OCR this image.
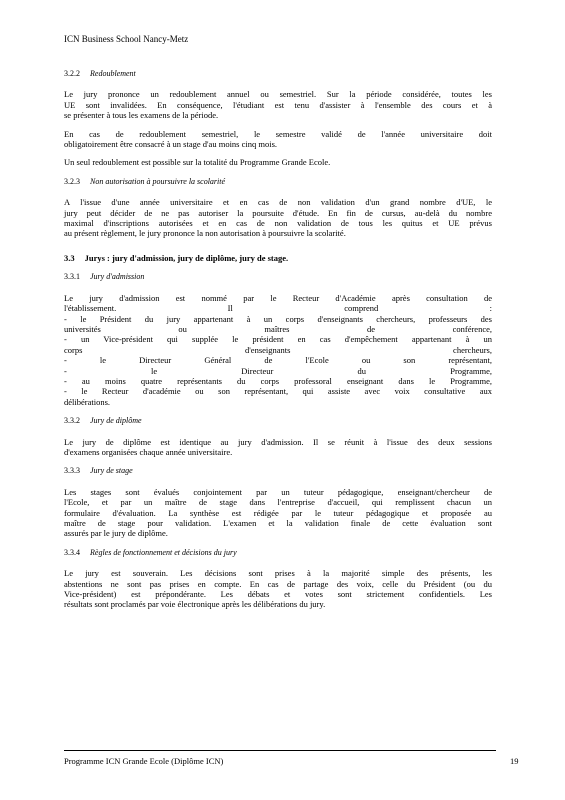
ICN Business School Nancy-Metz
3.2.2 Redoublement

Le jury prononce un redoublement annuel ou semestriel. Sur la période considérée, toutes les
UE sont invalidées. En conséquence, l'étudiant est tenu d'assister à l'ensemble des cours et à
se présenter à tous les examens de la période.

En cas de redoublement semestriel, le semestre validé de l'année universitaire doit
obligatoirement être consacré à un stage d'au moins cinq mois.

Un seul redoublement est possible sur la totalité du Programme Grande Ecole.

3.2.3 Non autorisation à poursuivre la scolarité

A l'issue d'une année universitaire et en cas de non validation d'un grand nombre d'UE, le
jury peut décider de ne pas autoriser la poursuite d'étude. En fin de cursus, au-delà du nombre
maximal d'inscriptions autorisées et en cas de non validation de tous les quitus et UE prévus
au présent règlement, le jury prononce la non autorisation à poursuivre la scolarité.

3.3 Jurys : jury d'admission, jury de diplôme, jury de stage.
3.3.1 Jury d'admission

Le jury d'admission est nommé par le Recteur d'Académie après consultation de
l'établissement. Il comprend :
- le Président du jury appartenant à un corps d'enseignants chercheurs, professeurs des
universités ou maîtres de conférence,
- un Vice-président qui supplée le président en cas d'empêchement appartenant à un
corps d'enseignants chercheurs,
- le Directeur Général de l'Ecole ou son représentant,
- le Directeur du Programme,
- au moins quatre représentants du corps professoral enseignant dans le Programme,
- le Recteur d'académie ou son représentant, qui assiste avec voix consultative aux
délibérations.

3.3.2 Jury de diplôme

Le jury de diplôme est identique au jury d'admission. Il se réunit à l'issue des deux sessions
d'examens organisées chaque année universitaire.

3.3.3 Jury de stage

Les stages sont évalués conjointement par un tuteur pédagogique, enseignant/chercheur de
l'Ecole, et par un maître de stage dans l'entreprise d'accueil, qui remplissent chacun un
formulaire d'évaluation. La synthèse est rédigée par le tuteur pédagogique et proposée au
maître de stage pour validation. L'examen et la validation finale de cette évaluation sont
assurés par le jury de diplôme.

3.3.4 Règles de fonctionnement et décisions du jury

Le jury est souverain. Les décisions sont prises à la majorité simple des présents, les
abstentions ne sont pas prises en compte. En cas de partage des voix, celle du Président (ou du
Vice-président) est prépondérante. Les débats et votes sont strictement confidentiels. Les
résultats sont proclamés par voie électronique après les délibérations du jury.

Programme ICN Grande Ecole (Diplôme ICN)	19
